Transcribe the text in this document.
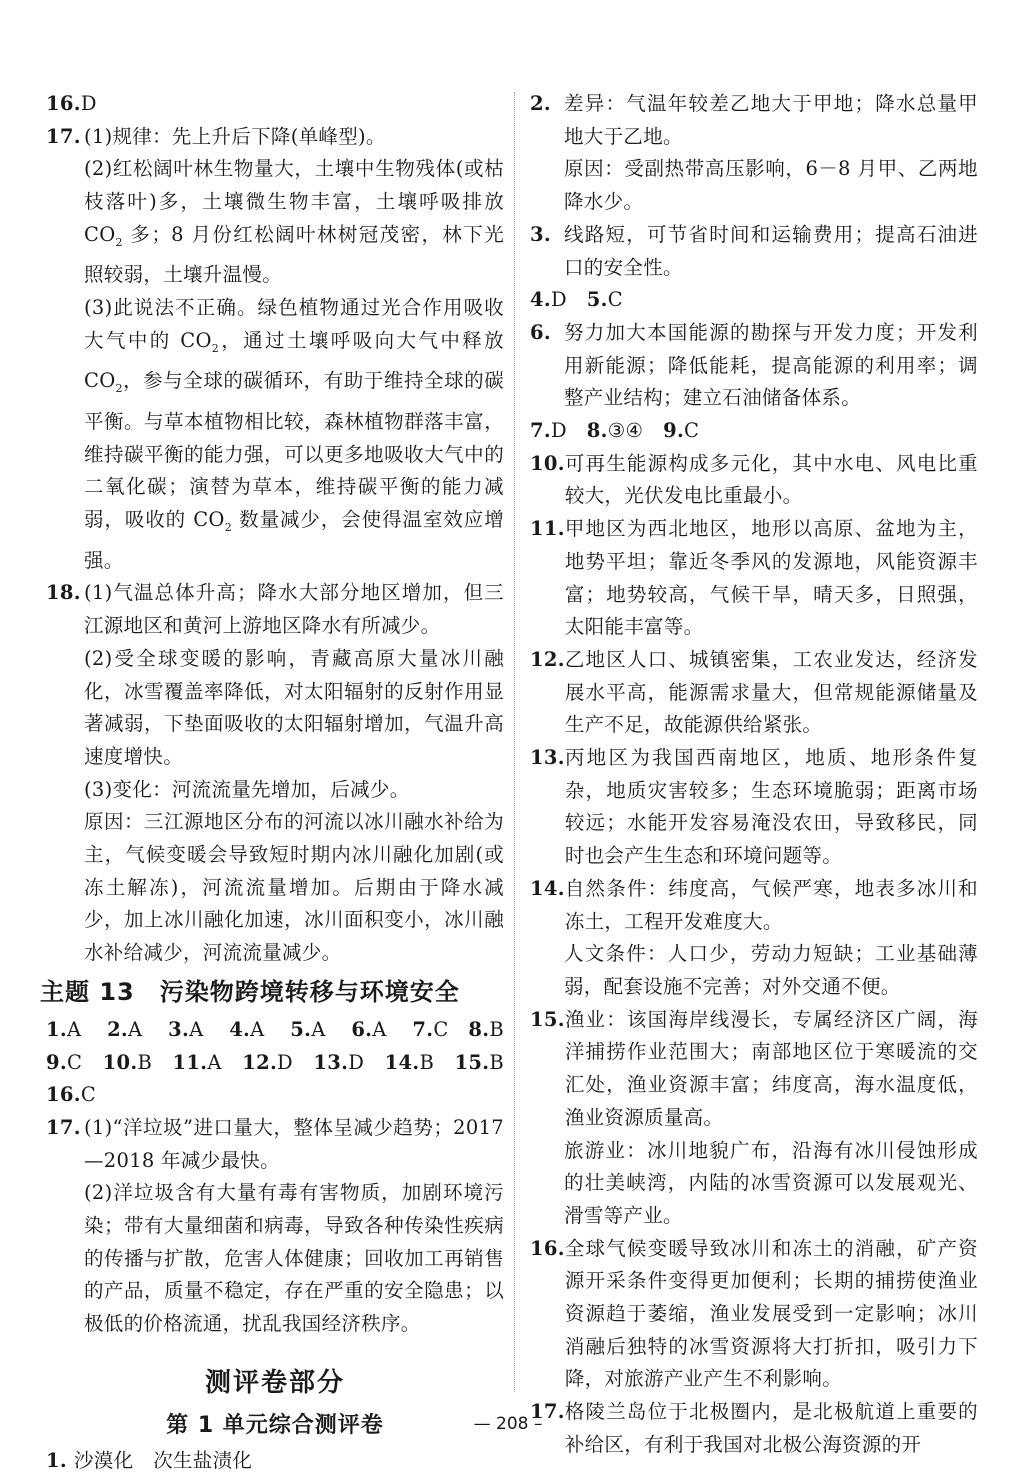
16. D
17. (1)规律：先上升后下降(单峰型)。
(2)红松阔叶林生物量大，土壤中生物残体(或枯枝落叶)多，土壤微生物丰富，土壤呼吸排放 $CO_2$ 多；8 月份红松阔叶林树冠茂密，林下光照较弱，土壤升温慢。
(3)此说法不正确。绿色植物通过光合作用吸收大气中的 $CO_2$，通过土壤呼吸向大气中释放 $CO_2$，参与全球的碳循环，有助于维持全球的碳平衡。与草本植物相比较，森林植物群落丰富，维持碳平衡的能力强，可以更多地吸收大气中的二氧化碳；演替为草本，维持碳平衡的能力减弱，吸收的 $CO_2$ 数量减少，会使得温室效应增强。
18. (1)气温总体升高；降水大部分地区增加，但三江源地区和黄河上游地区降水有所减少。
(2)受全球变暖的影响，青藏高原大量冰川融化，冰雪覆盖率降低，对太阳辐射的反射作用显著减弱，下垫面吸收的太阳辐射增加，气温升高速度增快。
(3)变化：河流流量先增加，后减少。
原因：三江源地区分布的河流以冰川融水补给为主，气候变暖会导致短时期内冰川融化加剧(或冻土解冻)，河流流量增加。后期由于降水减少，加上冰川融化加速，冰川面积变小，冰川融水补给减少，河流流量减少。
主题 13　污染物跨境转移与环境安全
1.A 2.A 3.A 4.A 5.A 6.A 7.C　 8.B
9.C 10.B 11.A 12.D 13.D 14.B 15.B
16. C
17. (1)“洋垃圾”进口量大，整体呈减少趋势；2017—2018 年减少最快。
(2)洋垃圾含有大量有毒有害物质，加剧环境污染；带有大量细菌和病毒，导致各种传染性疾病的传播与扩散，危害人体健康；回收加工再销售的产品，质量不稳定，存在严重的安全隐患；以极低的价格流通，扰乱我国经济秩序。
测评卷部分
第 1 单元综合测评卷
1. 沙漠化　次生盐渍化
2. 差异：气温年较差乙地大于甲地；降水总量甲地大于乙地。
原因：受副热带高压影响，6－8 月甲、乙两地降水少。
3. 线路短，可节省时间和运输费用；提高石油进口的安全性。
4.D　 5.C
6. 努力加大本国能源的勘探与开发力度；开发利用新能源；降低能耗，提高能源的利用率；调整产业结构；建立石油储备体系。
7.D　 8.③④　 9.C
10. 可再生能源构成多元化，其中水电、风电比重较大，光伏发电比重最小。
11. 甲地区为西北地区，地形以高原、盆地为主，地势平坦；靠近冬季风的发源地，风能资源丰富；地势较高，气候干旱，晴天多，日照强，太阳能丰富等。
12. 乙地区人口、城镇密集，工农业发达，经济发展水平高，能源需求量大，但常规能源储量及生产不足，故能源供给紧张。
13. 丙地区为我国西南地区，地质、地形条件复杂，地质灾害较多；生态环境脆弱；距离市场较远；水能开发容易淹没农田，导致移民，同时也会产生生态和环境问题等。
14. 自然条件：纬度高，气候严寒，地表多冰川和冻土，工程开发难度大。
人文条件：人口少，劳动力短缺；工业基础薄弱，配套设施不完善；对外交通不便。
15. 渔业：该国海岸线漫长，专属经济区广阔，海洋捕捞作业范围大；南部地区位于寒暖流的交汇处，渔业资源丰富；纬度高，海水温度低，渔业资源质量高。
旅游业：冰川地貌广布，沿海有冰川侵蚀形成的壮美峡湾，内陆的冰雪资源可以发展观光、滑雪等产业。
16. 全球气候变暖导致冰川和冻土的消融，矿产资源开采条件变得更加便利；长期的捕捞使渔业资源趋于萎缩，渔业发展受到一定影响；冰川消融后独特的冰雪资源将大打折扣，吸引力下降，对旅游产业产生不利影响。
17. 格陵兰岛位于北极圈内，是北极航道上重要的补给区，有利于我国对北极公海资源的开
— 208 –
